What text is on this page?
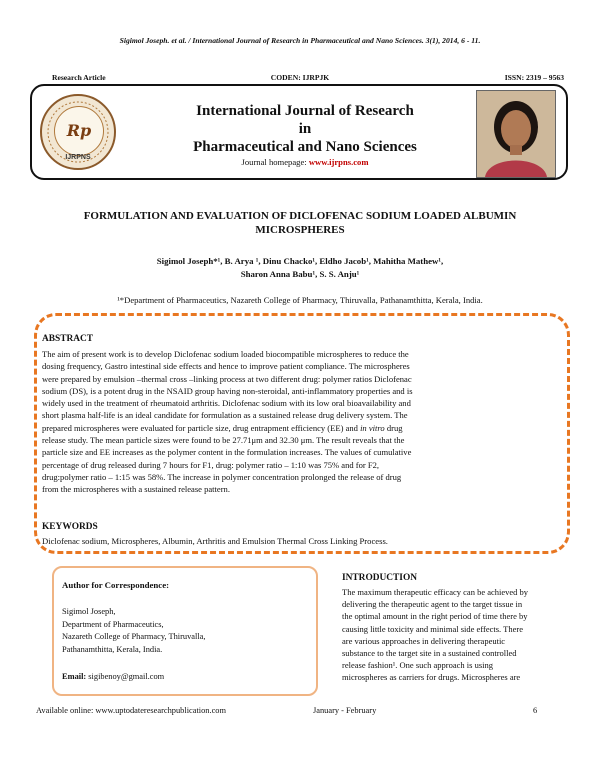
Sigimol Joseph. et al. / International Journal of Research in Pharmaceutical and Nano Sciences. 3(1), 2014, 6 - 11.
Research Article	CODEN: IJRPJK	ISSN: 2319 – 9563
Rp
IJRPNS
International Journal of Research
in
Pharmaceutical and Nano Sciences
Journal homepage: www.ijrpns.com
FORMULATION AND EVALUATION OF DICLOFENAC SODIUM LOADED ALBUMIN
MICROSPHERES
Sigimol Joseph*¹, B. Arya ¹, Dinu Chacko¹, Eldho Jacob¹, Mahitha Mathew¹,
Sharon Anna Babu¹, S. S. Anju¹
¹*Department of Pharmaceutics, Nazareth College of Pharmacy, Thiruvalla, Pathanamthitta, Kerala, India.
ABSTRACT
The aim of present work is to develop Diclofenac sodium loaded biocompatible microspheres to reduce the
dosing frequency, Gastro intestinal side effects and hence to improve patient compliance. The microspheres
were prepared by emulsion –thermal cross –linking process at two different drug: polymer ratios Diclofenac
sodium (DS), is a potent drug in the NSAID group having non-steroidal, anti-inflammatory properties and is
widely used in the treatment of rheumatoid arthritis. Diclofenac sodium with its low oral bioavailability and
short plasma half-life is an ideal candidate for formulation as a sustained release drug delivery system. The
prepared microspheres were evaluated for particle size, drug entrapment efficiency (EE) and in vitro drug
release study. The mean particle sizes were found to be 27.71μm and 32.30 μm. The result reveals that the
particle size and EE increases as the polymer content in the formulation increases. The values of cumulative
percentage of drug released during 7 hours for F1, drug: polymer ratio – 1:10 was 75% and for F2,
drug:polymer ratio – 1:15 was 58%. The increase in polymer concentration prolonged the release of drug
from the microspheres with a sustained release pattern.
KEYWORDS
Diclofenac sodium, Microspheres, Albumin, Arthritis and Emulsion Thermal Cross Linking Process.
Author for Correspondence:
Sigimol Joseph,
Department of Pharmaceutics,
Nazareth College of Pharmacy, Thiruvalla,
Pathanamthitta, Kerala, India.
Email: sigibenoy@gmail.com
INTRODUCTION
The maximum therapeutic efficacy can be achieved by
delivering the therapeutic agent to the target tissue in
the optimal amount in the right period of time there by
causing little toxicity and minimal side effects. There
are various approaches in delivering therapeutic
substance to the target site in a sustained controlled
release fashion¹. One such approach is using
microspheres as carriers for drugs. Microspheres are
Available online: www.uptodateresearchpublication.com	January - February	6
